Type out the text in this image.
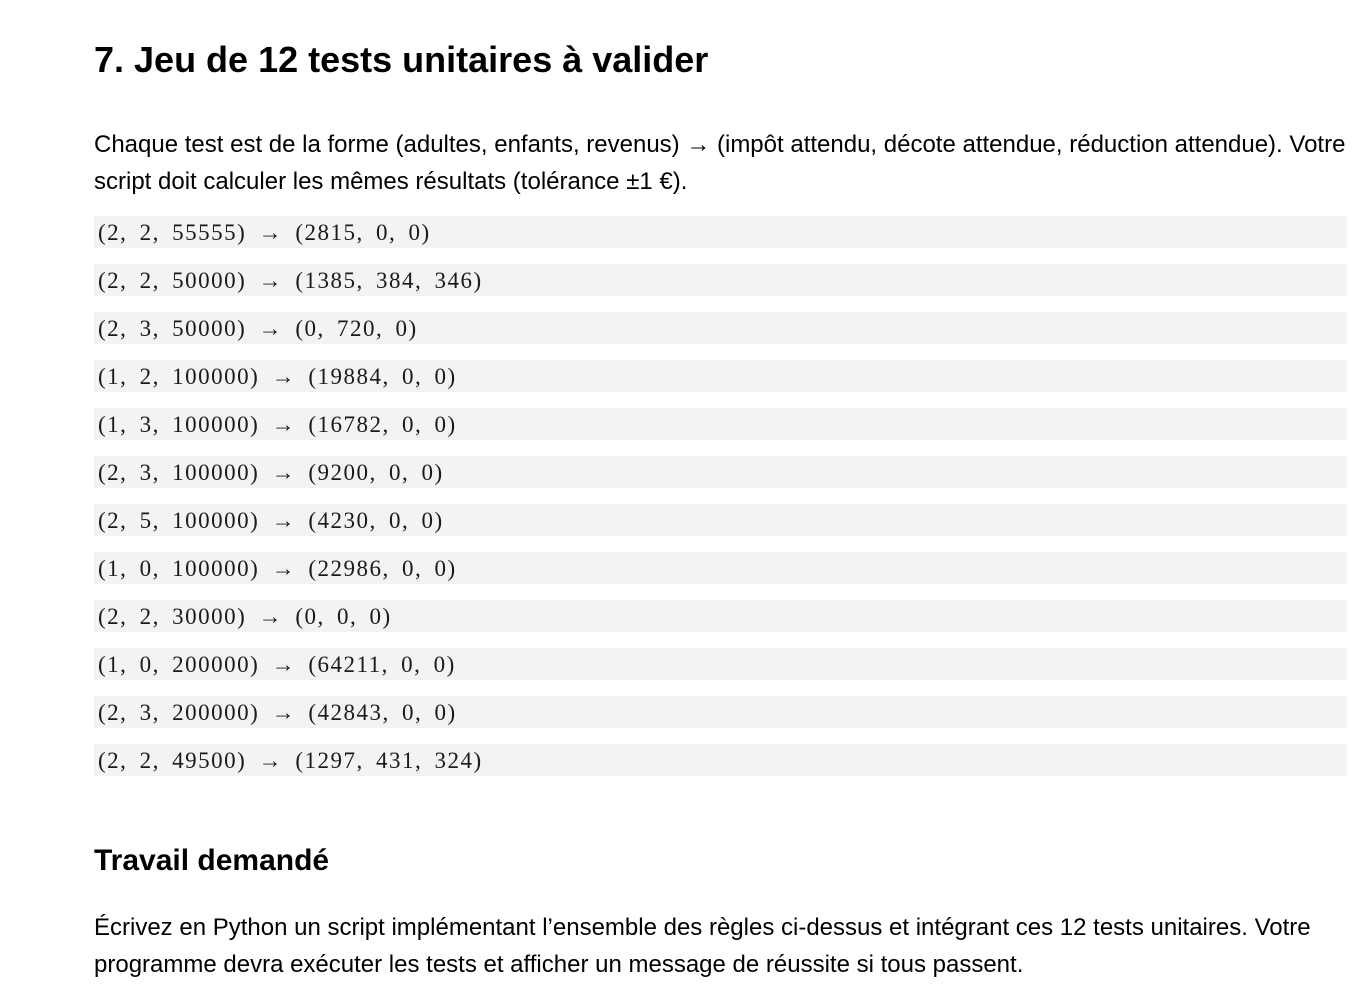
7. Jeu de 12 tests unitaires à valider

Chaque test est de la forme (adultes, enfants, revenus) → (impôt attendu, décote attendue, réduction attendue). Votre script doit calculer les mêmes résultats (tolérance ±1 €).

(2, 2, 55555) → (2815, 0, 0)
(2, 2, 50000) → (1385, 384, 346)
(2, 3, 50000) → (0, 720, 0)
(1, 2, 100000) → (19884, 0, 0)
(1, 3, 100000) → (16782, 0, 0)
(2, 3, 100000) → (9200, 0, 0)
(2, 5, 100000) → (4230, 0, 0)
(1, 0, 100000) → (22986, 0, 0)
(2, 2, 30000) → (0, 0, 0)
(1, 0, 200000) → (64211, 0, 0)
(2, 3, 200000) → (42843, 0, 0)
(2, 2, 49500) → (1297, 431, 324)
Travail demandé

Écrivez en Python un script implémentant l’ensemble des règles ci-dessus et intégrant ces 12 tests unitaires. Votre programme devra exécuter les tests et afficher un message de réussite si tous passent.
